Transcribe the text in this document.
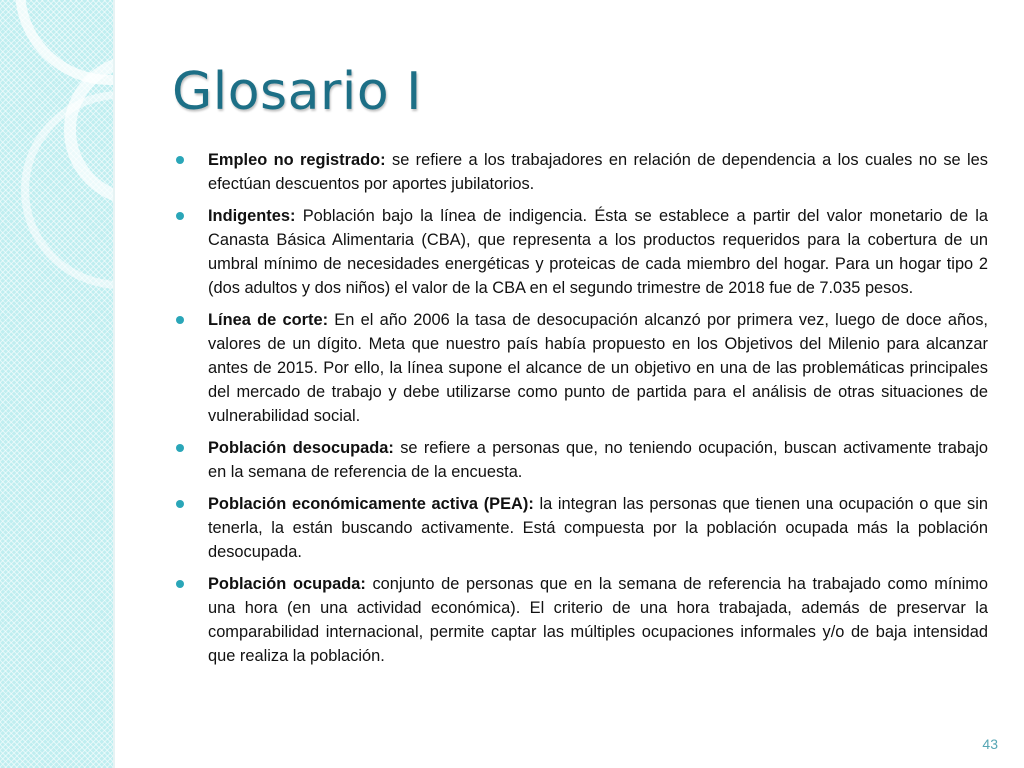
Glosario I
Empleo no registrado: se refiere a los trabajadores en relación de dependencia a los cuales no se les efectúan descuentos por aportes jubilatorios.
Indigentes: Población bajo la línea de indigencia. Ésta se establece a partir del valor monetario de la Canasta Básica Alimentaria (CBA), que representa a los productos requeridos para la cobertura de un umbral mínimo de necesidades energéticas y proteicas de cada miembro del hogar. Para un hogar tipo 2 (dos adultos y dos niños) el valor de la CBA en el segundo trimestre de 2018 fue de 7.035 pesos.
Línea de corte: En el año 2006 la tasa de desocupación alcanzó por primera vez, luego de doce años, valores de un dígito. Meta que nuestro país había propuesto en los Objetivos del Milenio para alcanzar antes de 2015. Por ello, la línea supone el alcance de un objetivo en una de las problemáticas principales del mercado de trabajo y debe utilizarse como punto de partida para el análisis de otras situaciones de vulnerabilidad social.
Población desocupada: se refiere a personas que, no teniendo ocupación, buscan activamente trabajo en la semana de referencia de la encuesta.
Población económicamente activa (PEA): la integran las personas que tienen una ocupación o que sin tenerla, la están buscando activamente. Está compuesta por la población ocupada más la población desocupada.
Población ocupada: conjunto de personas que en la semana de referencia ha trabajado como mínimo una hora (en una actividad económica). El criterio de una hora trabajada, además de preservar la comparabilidad internacional, permite captar las múltiples ocupaciones informales y/o de baja intensidad que realiza la población.
43
